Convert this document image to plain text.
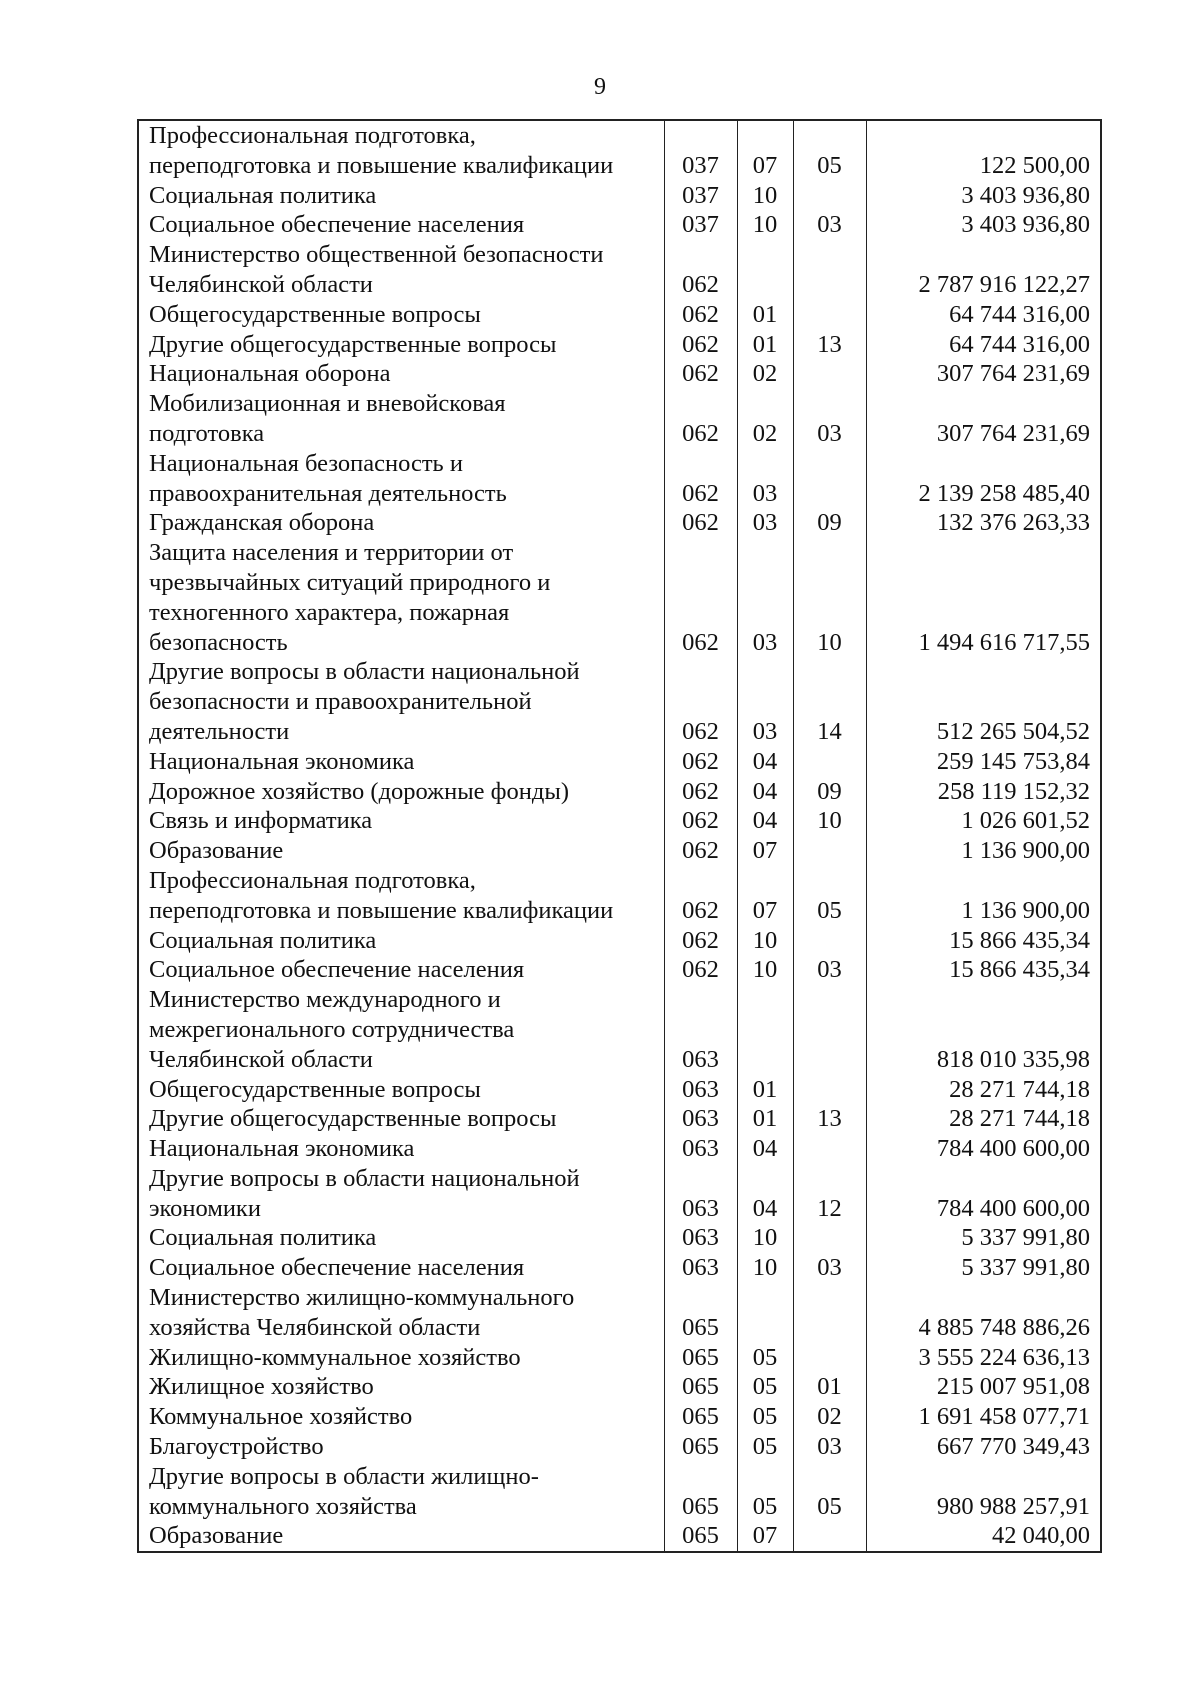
9
Профессиональная подготовка,
переподготовка и повышение квалификации	037	07	05	122 500,00
Социальная политика	037	10		3 403 936,80
Социальное обеспечение населения	037	10	03	3 403 936,80
Министерство общественной безопасности
Челябинской области	062			2 787 916 122,27
Общегосударственные вопросы	062	01		64 744 316,00
Другие общегосударственные вопросы	062	01	13	64 744 316,00
Национальная оборона	062	02		307 764 231,69
Мобилизационная и вневойсковая
подготовка	062	02	03	307 764 231,69
Национальная безопасность и
правоохранительная деятельность	062	03		2 139 258 485,40
Гражданская оборона	062	03	09	132 376 263,33
Защита населения и территории от
чрезвычайных ситуаций природного и
техногенного характера, пожарная
безопасность	062	03	10	1 494 616 717,55
Другие вопросы в области национальной
безопасности и правоохранительной
деятельности	062	03	14	512 265 504,52
Национальная экономика	062	04		259 145 753,84
Дорожное хозяйство (дорожные фонды)	062	04	09	258 119 152,32
Связь и информатика	062	04	10	1 026 601,52
Образование	062	07		1 136 900,00
Профессиональная подготовка,
переподготовка и повышение квалификации	062	07	05	1 136 900,00
Социальная политика	062	10		15 866 435,34
Социальное обеспечение населения	062	10	03	15 866 435,34
Министерство международного и
межрегионального сотрудничества
Челябинской области	063			818 010 335,98
Общегосударственные вопросы	063	01		28 271 744,18
Другие общегосударственные вопросы	063	01	13	28 271 744,18
Национальная экономика	063	04		784 400 600,00
Другие вопросы в области национальной
экономики	063	04	12	784 400 600,00
Социальная политика	063	10		5 337 991,80
Социальное обеспечение населения	063	10	03	5 337 991,80
Министерство жилищно-коммунального
хозяйства Челябинской области	065			4 885 748 886,26
Жилищно-коммунальное хозяйство	065	05		3 555 224 636,13
Жилищное хозяйство	065	05	01	215 007 951,08
Коммунальное хозяйство	065	05	02	1 691 458 077,71
Благоустройство	065	05	03	667 770 349,43
Другие вопросы в области жилищно-
коммунального хозяйства	065	05	05	980 988 257,91
Образование	065	07		42 040,00
